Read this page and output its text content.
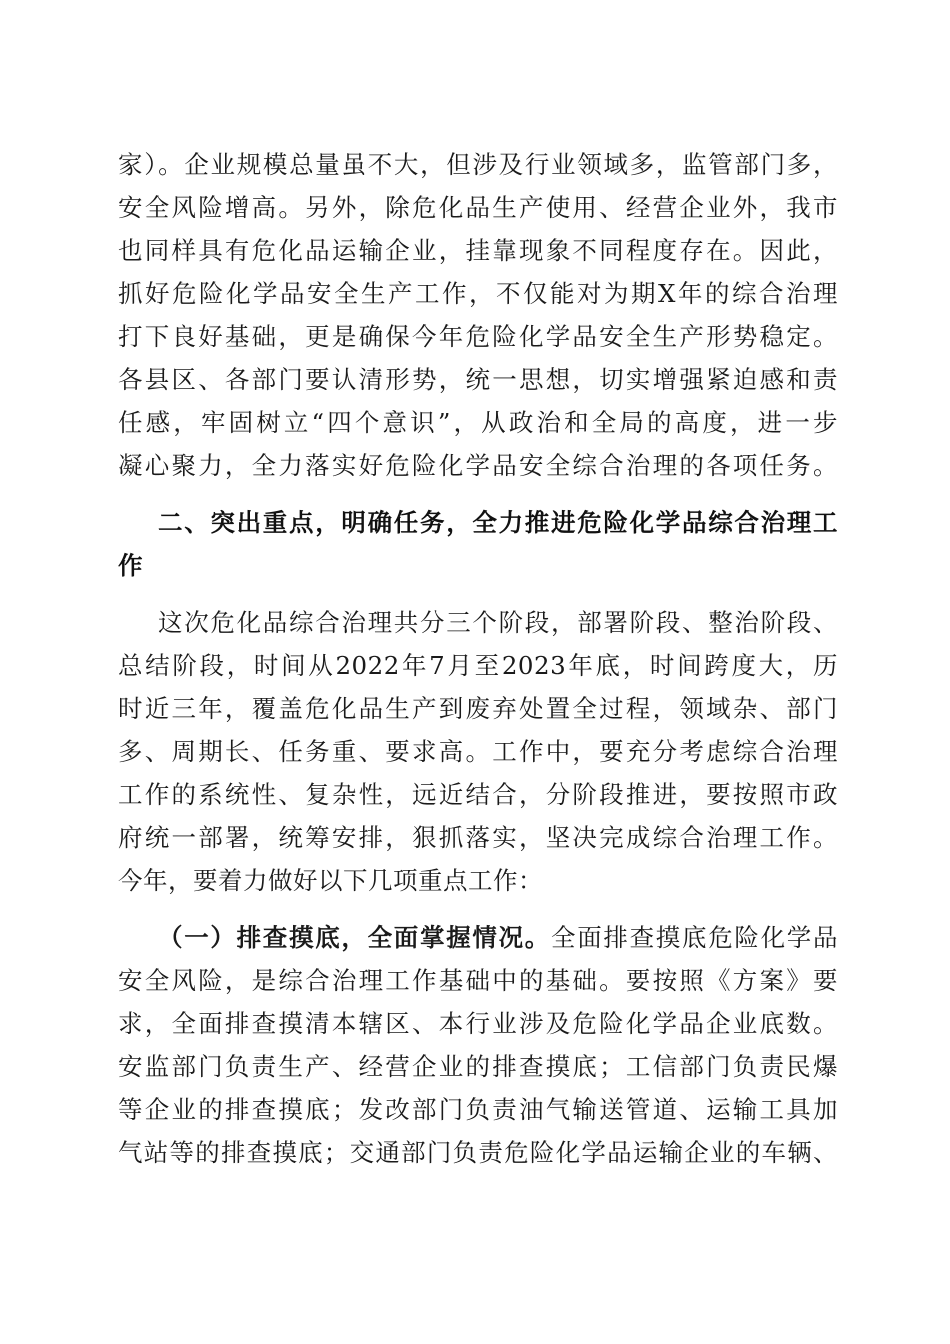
家）。企业规模总量虽不大，但涉及行业领域多，监管部门多，
安全风险增高。另外，除危化品生产使用、经营企业外，我市
也同样具有危化品运输企业，挂靠现象不同程度存在。因此，
抓好危险化学品安全生产工作，不仅能对为期X年的综合治理
打下良好基础，更是确保今年危险化学品安全生产形势稳定。
各县区、各部门要认清形势，统一思想，切实增强紧迫感和责
任感，牢固树立“四个意识”，从政治和全局的高度，进一步
凝心聚力，全力落实好危险化学品安全综合治理的各项任务。
二、突出重点，明确任务，全力推进危险化学品综合治理工
作
这次危化品综合治理共分三个阶段，部署阶段、整治阶段、
总结阶段，时间从2022年7月至2023年底，时间跨度大，历
时近三年，覆盖危化品生产到废弃处置全过程，领域杂、部门
多、周期长、任务重、要求高。工作中，要充分考虑综合治理
工作的系统性、复杂性，远近结合，分阶段推进，要按照市政
府统一部署，统筹安排，狠抓落实，坚决完成综合治理工作。
今年，要着力做好以下几项重点工作：
（一）排查摸底，全面掌握情况。全面排查摸底危险化学品
安全风险，是综合治理工作基础中的基础。要按照《方案》要
求，全面排查摸清本辖区、本行业涉及危险化学品企业底数。
安监部门负责生产、经营企业的排查摸底；工信部门负责民爆
等企业的排查摸底；发改部门负责油气输送管道、运输工具加
气站等的排查摸底；交通部门负责危险化学品运输企业的车辆、
